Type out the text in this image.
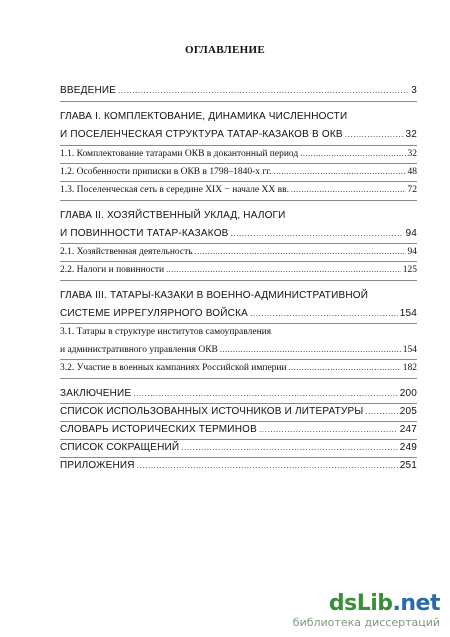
ОГЛАВЛЕНИЕ
ВВЕДЕНИЕ .....	3
ГЛАВА I. КОМПЛЕКТОВАНИЕ, ДИНАМИКА ЧИСЛЕННОСТИ
И ПОСЕЛЕНЧЕСКАЯ СТРУКТУРА ТАТАР-КАЗАКОВ В ОКВ .....	32
1.1. Комплектование татарами ОКВ в докантонный период .....	32
1.2. Особенности приписки в ОКВ в 1798–1840-х гг. .....	48
1.3. Поселенческая сеть в середине XIX − начале XX вв. .....	72
ГЛАВА II. ХОЗЯЙСТВЕННЫЙ УКЛАД, НАЛОГИ
И ПОВИННОСТИ ТАТАР-КАЗАКОВ .....	94
2.1. Хозяйственная деятельность .....	94
2.2. Налоги и повинности .....	125
ГЛАВА III. ТАТАРЫ-КАЗАКИ В ВОЕННО-АДМИНИСТРАТИВНОЙ
СИСТЕМЕ ИРРЕГУЛЯРНОГО ВОЙСКА .....	154
3.1. Татары в структуре институтов самоуправления
и административного управления ОКВ .....	154
3.2. Участие в военных кампаниях Российской империи .....	182
ЗАКЛЮЧЕНИЕ .....	200
СПИСОК ИСПОЛЬЗОВАННЫХ ИСТОЧНИКОВ И ЛИТЕРАТУРЫ .....	205
СЛОВАРЬ ИСТОРИЧЕСКИХ ТЕРМИНОВ .....	247
СПИСОК СОКРАЩЕНИЙ .....	249
ПРИЛОЖЕНИЯ .....	251
dsLib.net
библиотека диссертаций
